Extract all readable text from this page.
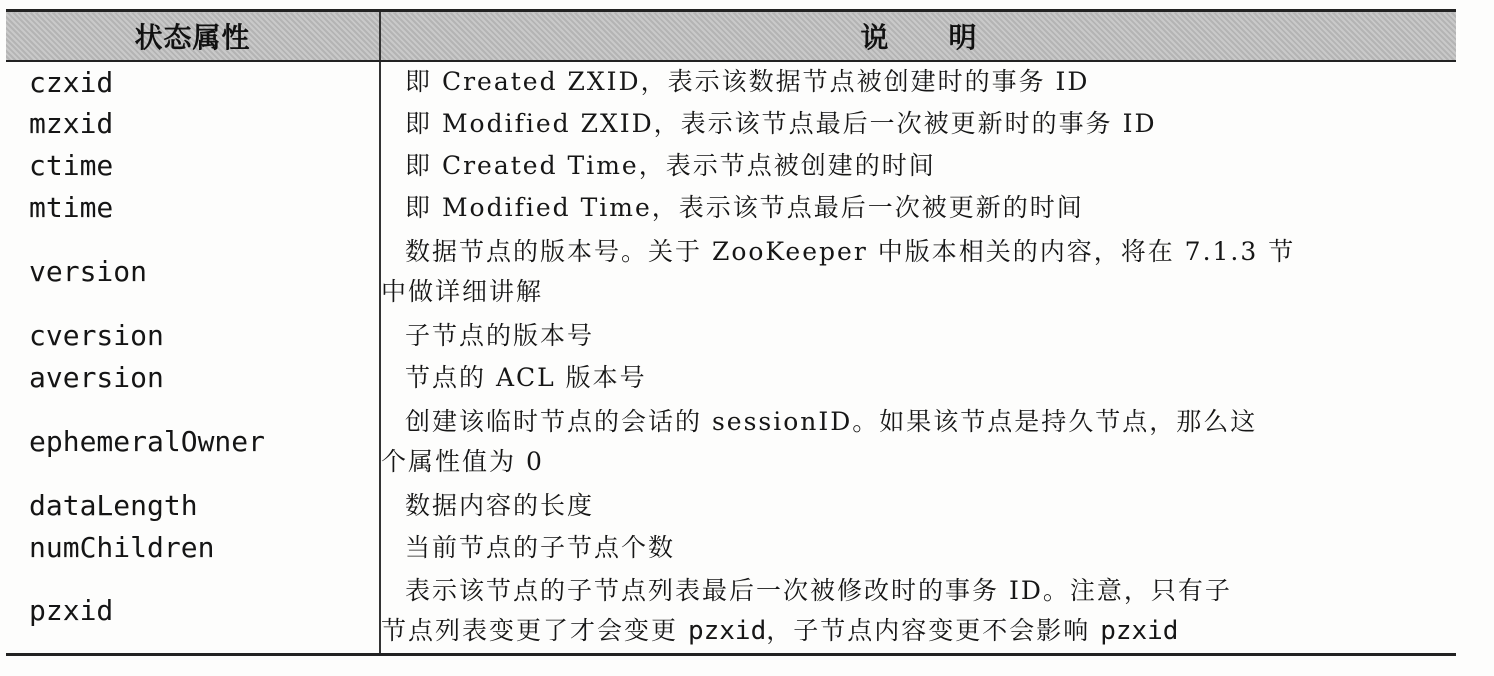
状态属性	说明
czxid	即 Created ZXID，表示该数据节点被创建时的事务 ID
mzxid	即 Modified ZXID，表示该节点最后一次被更新时的事务 ID
ctime	即 Created Time，表示节点被创建的时间
mtime	即 Modified Time，表示该节点最后一次被更新的时间
version	数据节点的版本号。关于 ZooKeeper 中版本相关的内容，将在 7.1.3 节
中做详细讲解

cversion	子节点的版本号
aversion	节点的 ACL 版本号
ephemeralOwner	创建该临时节点的会话的 sessionID。如果该节点是持久节点，那么这
个属性值为 0

dataLength	数据内容的长度
numChildren	当前节点的子节点个数
pzxid	表示该节点的子节点列表最后一次被修改时的事务 ID。注意，只有子
节点列表变更了才会变更 pzxid，子节点内容变更不会影响 pzxid
